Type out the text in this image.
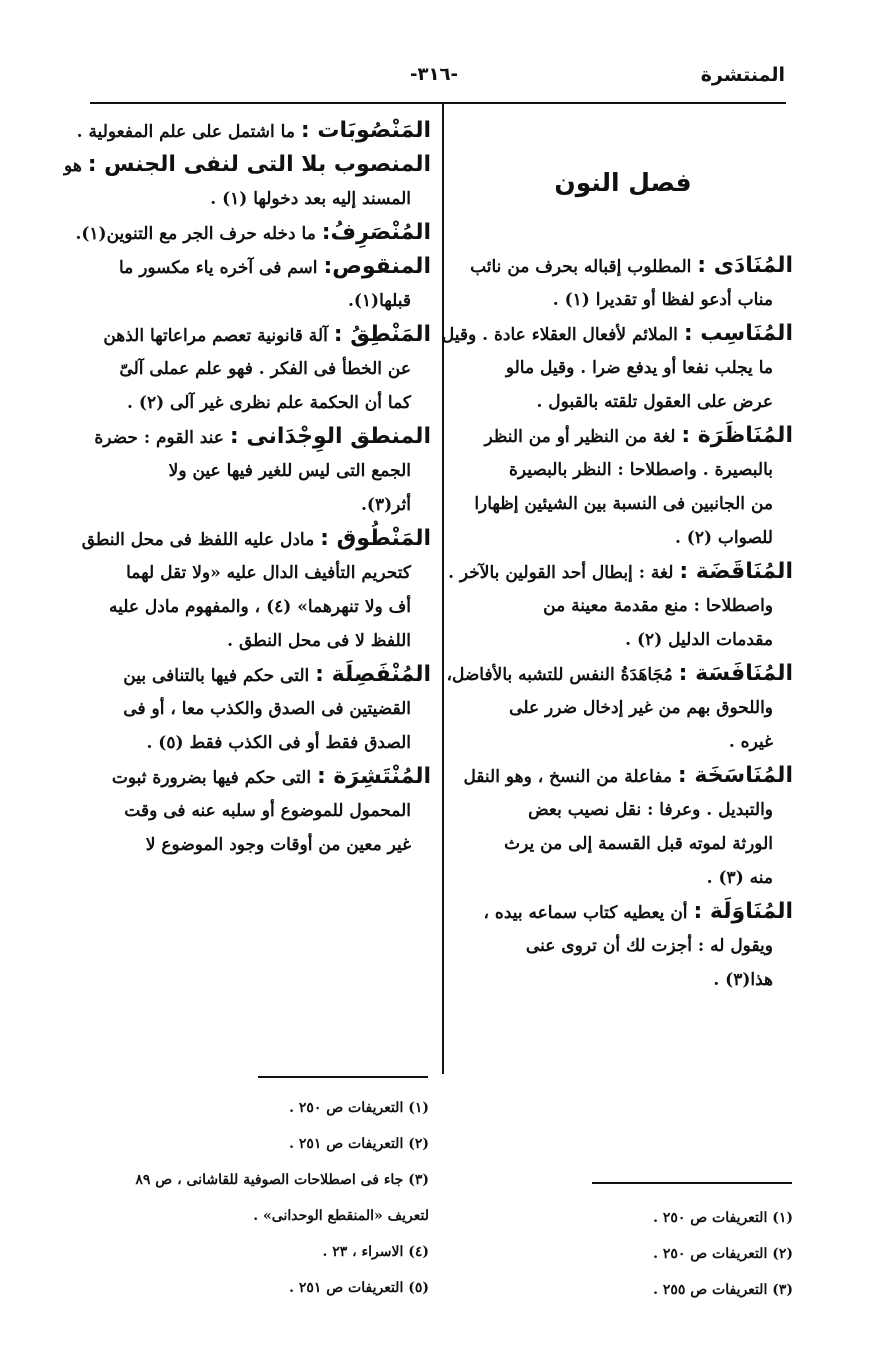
المنتشرة
-٣١٦-
فصل النون

المُنَادَى : المطلوب إقباله بحرف من نائب

مناب أدعو لفظا أو تقديرا (١) .

المُنَاسِب : الملائم لأفعال العقلاء عادة . وقيل

ما يجلب نفعا أو يدفع ضرا . وقيل مالو

عرض على العقول تلقته بالقبول .

المُنَاظَرَة : لغة من النظير أو من النظر

بالبصيرة . واصطلاحا : النظر بالبصيرة

من الجانبين فى النسبة بين الشيئين إظهارا

للصواب (٢) .

المُنَاقَضَة : لغة : إبطال أحد القولين بالآخر .

واصطلاحا : منع مقدمة معينة من

مقدمات الدليل (٢) .

المُنَافَسَة : مُجَاهَدَةُ النفس للتشبه بالأفاضل،

واللحوق بهم من غير إدخال ضرر على

غيره .

المُنَاسَخَة : مفاعلة من النسخ ، وهو النقل

والتبديل . وعرفا : نقل نصيب بعض

الورثة لموته قبل القسمة إلى من يرث

منه (٣) .

المُنَاوَلَة : أن يعطيه كتاب سماعه بيده ،

ويقول له : أجزت لك أن تروى عنى

هذا(٣) .

المَنْصُوبَات : ما اشتمل على علم المفعولية .

المنصوب بلا التى لنفى الجنس : هو

المسند إليه بعد دخولها (١) .

المُنْصَرِفُ: ما دخله حرف الجر مع التنوين(١).

المنقوص: اسم فى آخره ياء مكسور ما

قبلها(١).

المَنْطِقُ : آلة قانونية تعصم مراعاتها الذهن

عن الخطأ فى الفكر . فهو علم عملى آلىّ

كما أن الحكمة علم نظرى غير آلى (٢) .

المنطق الوِجْدَانى : عند القوم : حضرة

الجمع التى ليس للغير فيها عين ولا

أثر(٣).

المَنْطُوق : مادل عليه اللفظ فى محل النطق

كتحريم التأفيف الدال عليه «ولا تقل لهما

أف ولا تنهرهما» (٤) ، والمفهوم مادل عليه

اللفظ لا فى محل النطق .

المُنْفَصِلَة : التى حكم فيها بالتنافى بين

القضيتين فى الصدق والكذب معا ، أو فى

الصدق فقط أو فى الكذب فقط (٥) .

المُنْتَشِرَة : التى حكم فيها بضرورة ثبوت

المحمول للموضوع أو سلبه عنه فى وقت

غير معين من أوقات وجود الموضوع لا

(١) التعريفات ص ٢٥٠ .
(٢) التعريفات ص ٢٥١ .
(٣) جاء فى اصطلاحات الصوفية للقاشانى ، ص ٨٩
لتعريف «المنقطع الوحدانى» .
(٤) الاسراء ، ٢٣ .
(٥) التعريفات ص ٢٥١ .
(١) التعريفات ص ٢٥٠ .
(٢) التعريفات ص ٢٥٠ .
(٣) التعريفات ص ٢٥٥ .
